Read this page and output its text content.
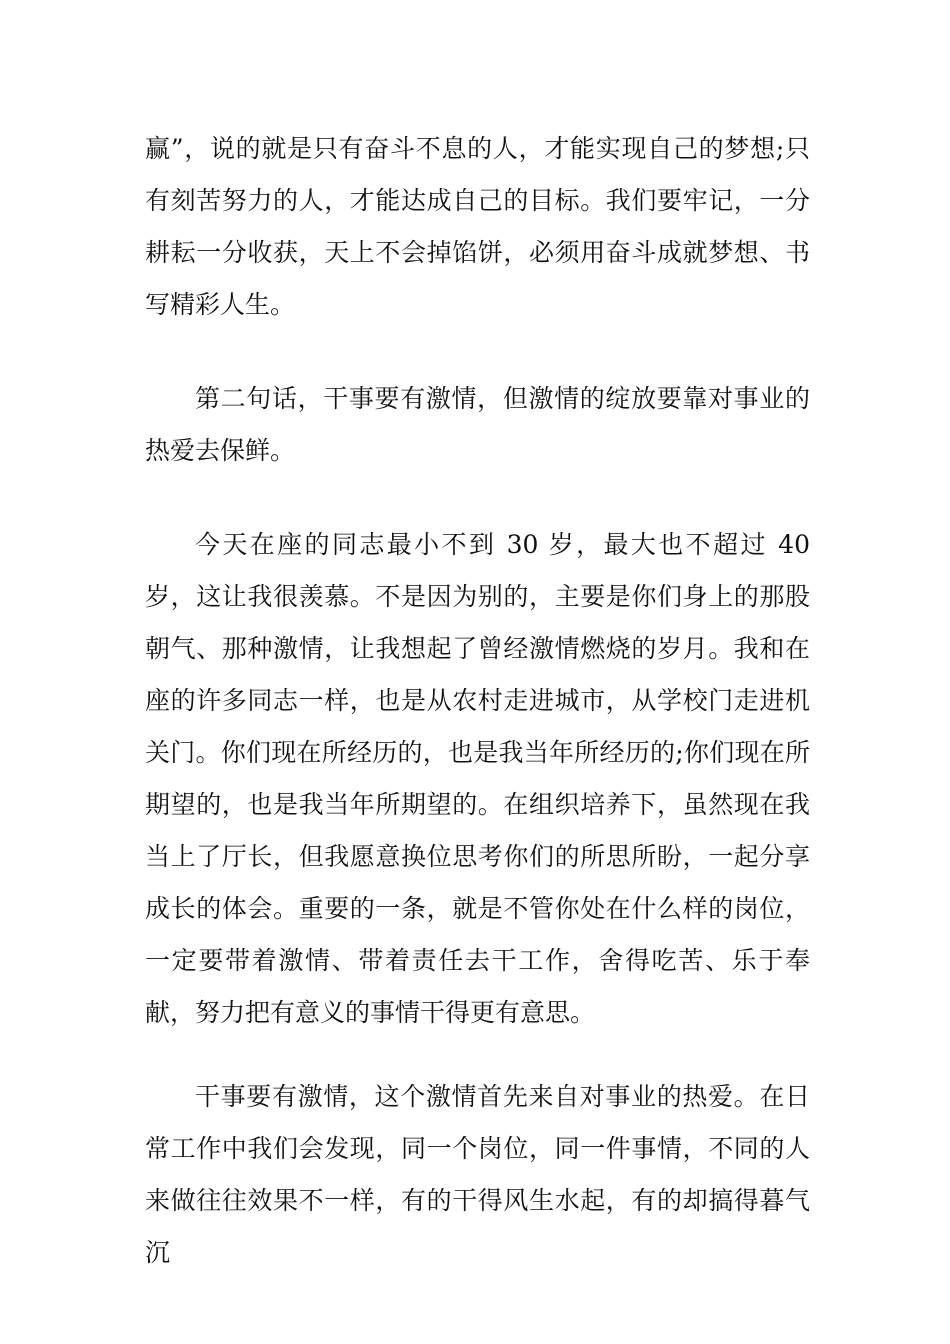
赢”，说的就是只有奋斗不息的人，才能实现自己的梦想;只有刻苦努力的人，才能达成自己的目标。我们要牢记，一分耕耘一分收获，天上不会掉馅饼，必须用奋斗成就梦想、书写精彩人生。

第二句话，干事要有激情，但激情的绽放要靠对事业的热爱去保鲜。

今天在座的同志最小不到 30 岁，最大也不超过 40 岁，这让我很羡慕。不是因为别的，主要是你们身上的那股朝气、那种激情，让我想起了曾经激情燃烧的岁月。我和在座的许多同志一样，也是从农村走进城市，从学校门走进机关门。你们现在所经历的，也是我当年所经历的;你们现在所期望的，也是我当年所期望的。在组织培养下，虽然现在我当上了厅长，但我愿意换位思考你们的所思所盼，一起分享成长的体会。重要的一条，就是不管你处在什么样的岗位，一定要带着激情、带着责任去干工作，舍得吃苦、乐于奉献，努力把有意义的事情干得更有意思。

干事要有激情，这个激情首先来自对事业的热爱。在日常工作中我们会发现，同一个岗位，同一件事情，不同的人来做往往效果不一样，有的干得风生水起，有的却搞得暮气沉
